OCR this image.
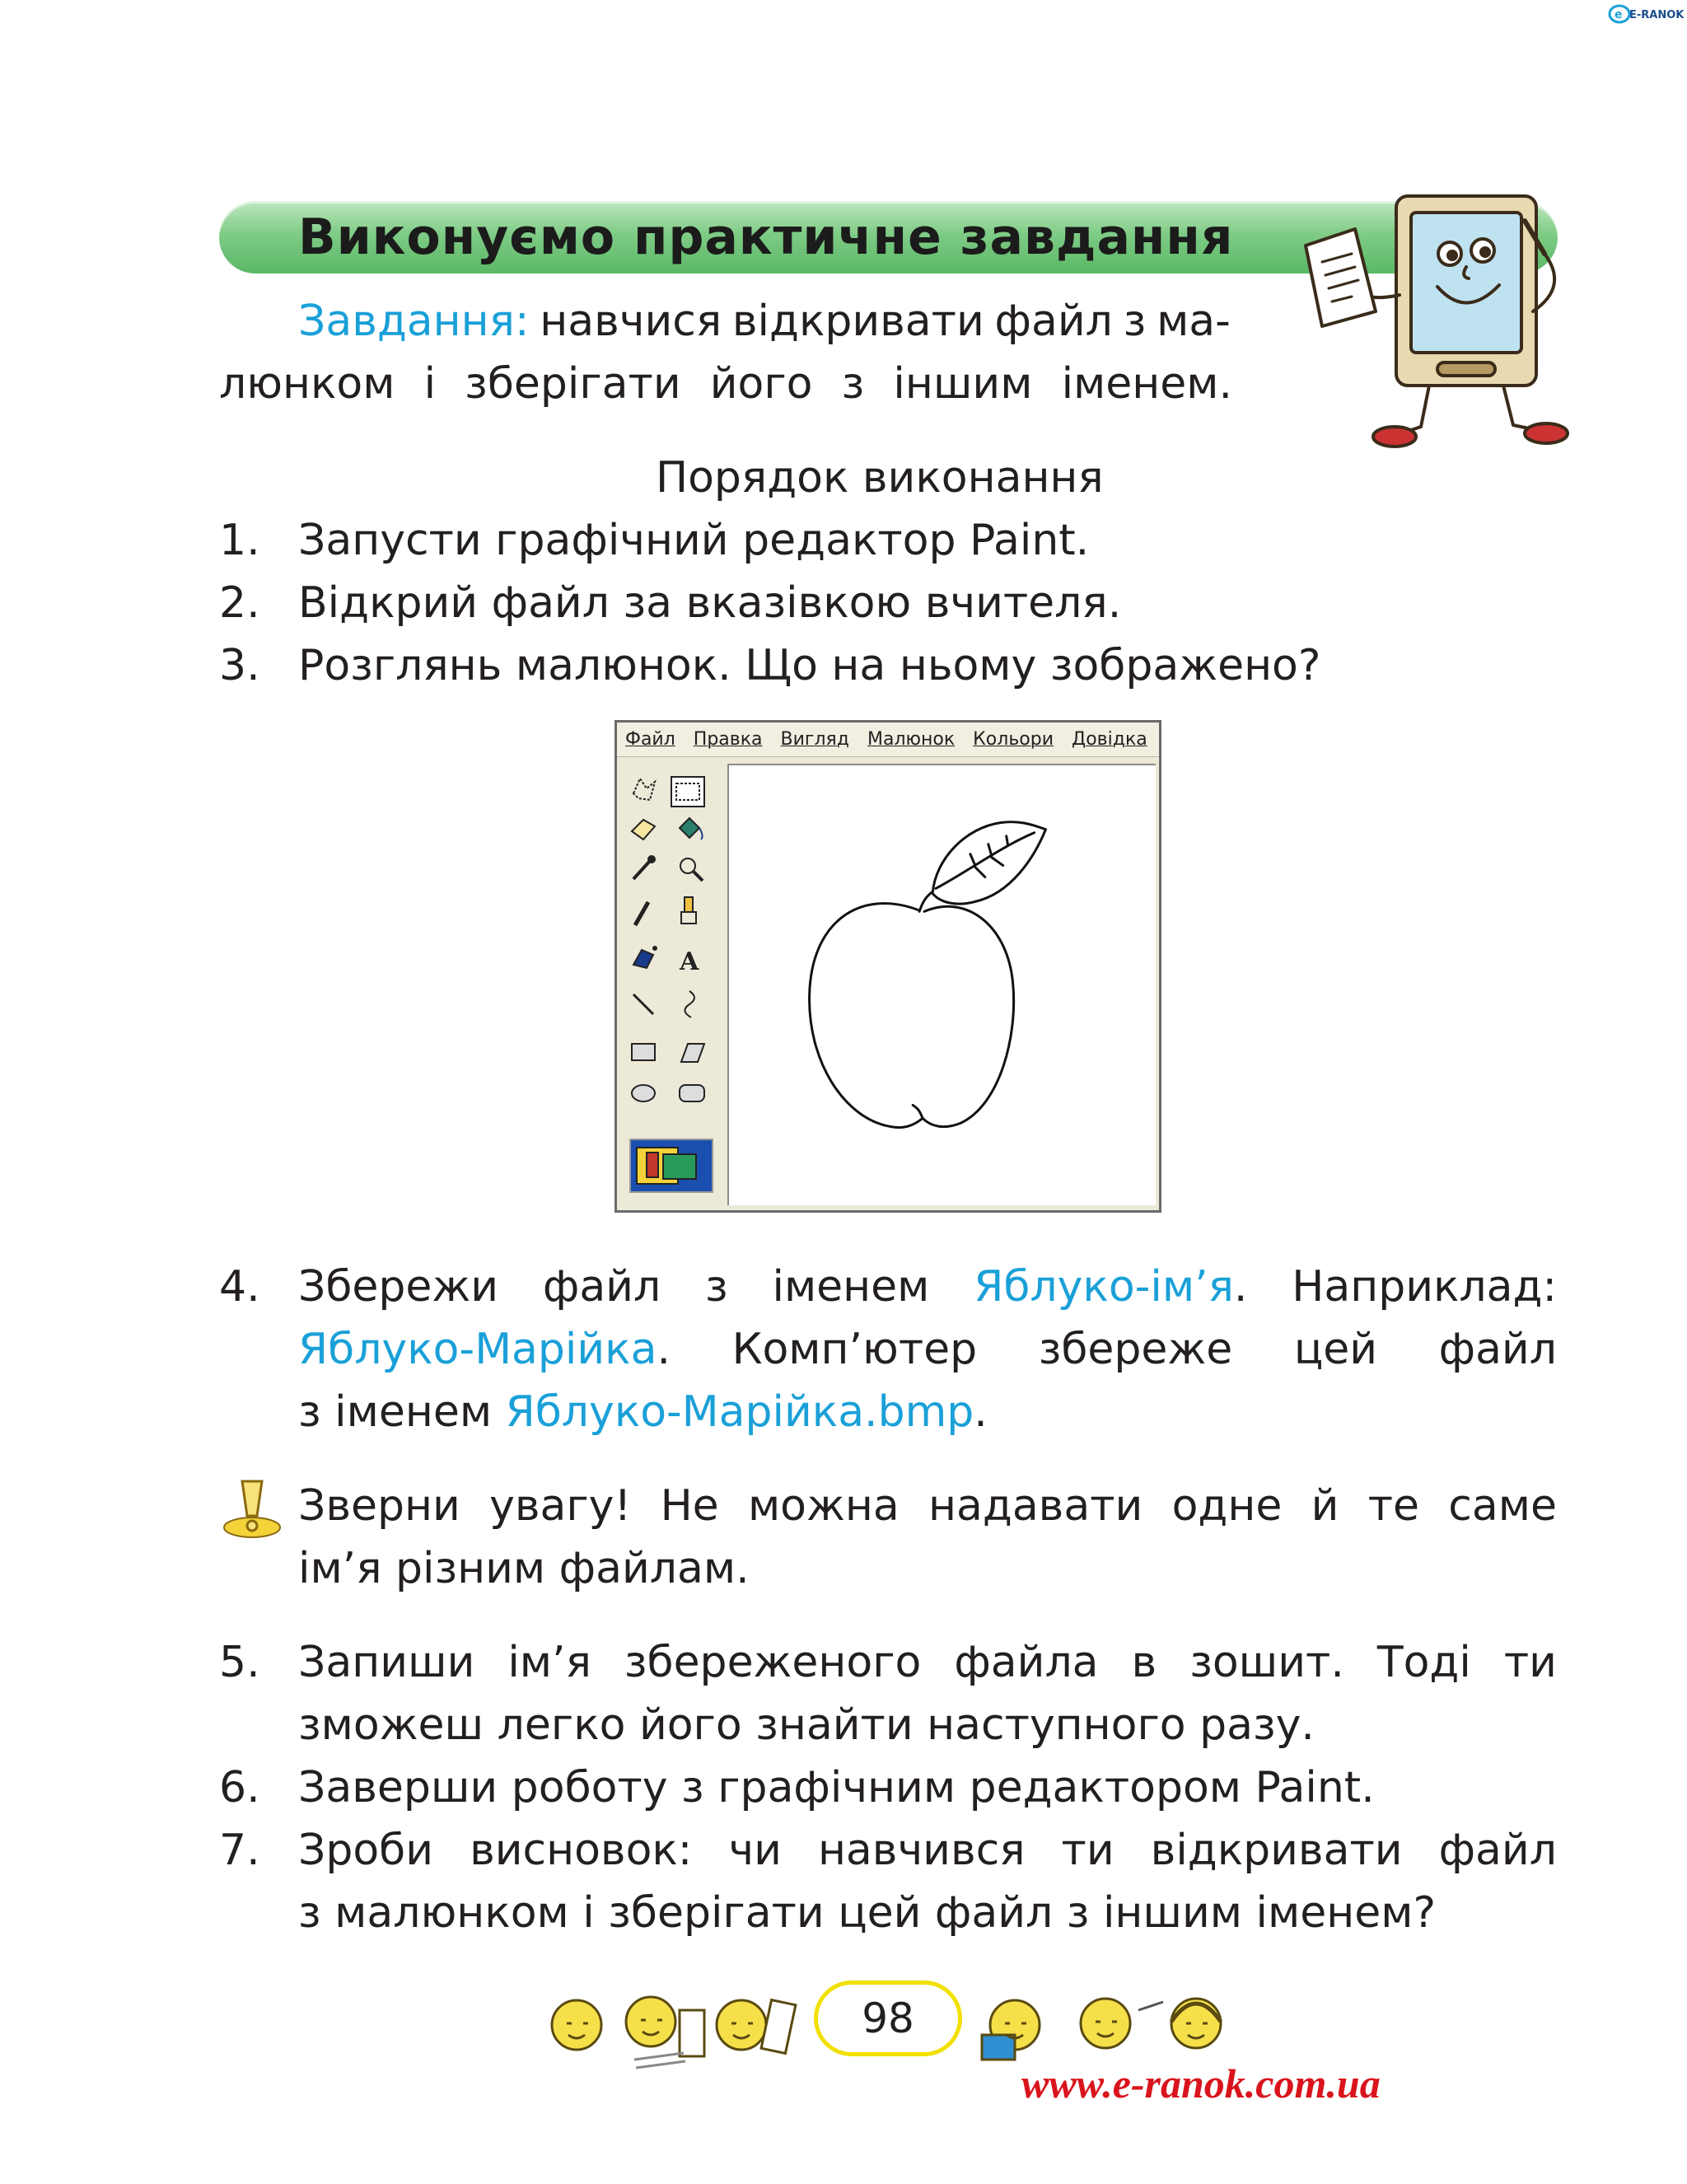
e E-RANOK
Виконуємо практичне завдання
Завдання: навчися відкривати файл з ма-
люнком і зберігати його з іншим іменем.
Порядок виконання
1. Запусти графічний редактор Paint.
2. Відкрий файл за вказівкою вчителя.
3. Розглянь малюнок. Що на ньому зображено?
Файл Правка Вигляд Малюнок Кольори Довідка
A
4. Збережи файл з іменем Яблуко-ім’я. Наприклад:
Яблуко-Марійка. Комп’ютер збереже цей файл
з іменем Яблуко-Марійка.bmp.
Зверни увагу! Не можна надавати одне й те саме
ім’я різним файлам.
5. Запиши ім’я збереженого файла в зошит. Тоді ти
зможеш легко його знайти наступного разу.
6. Заверши роботу з графічним редактором Paint.
7. Зроби висновок: чи навчився ти відкривати файл
з малюнком і зберігати цей файл з іншим іменем?
98
www.e-ranok.com.ua
